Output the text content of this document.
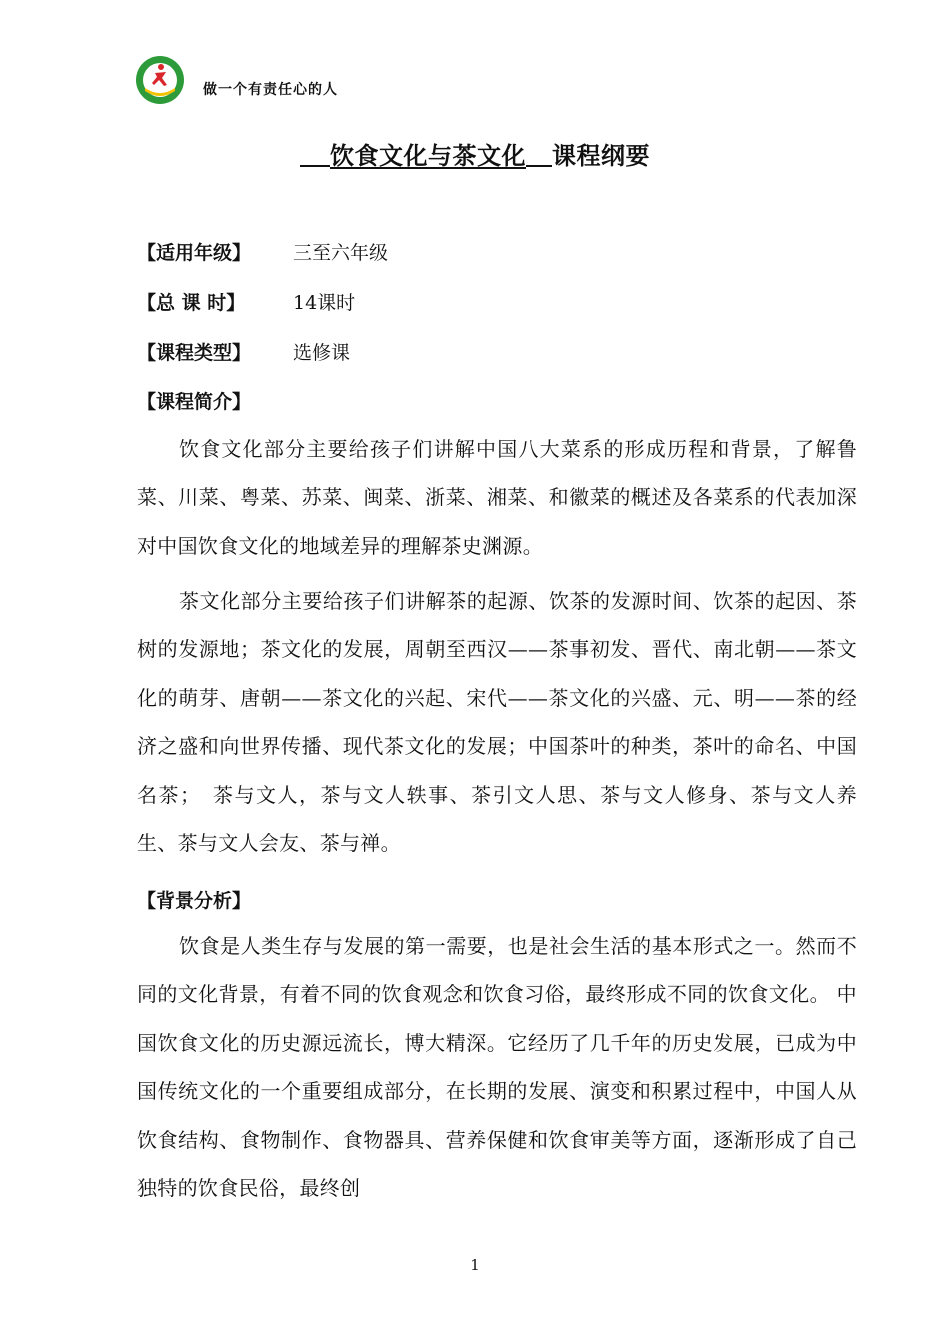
做一个有责任心的人
饮食文化与茶文化 课程纲要
【适用年级】 三至六年级
【总 课 时】	14课时
【课程类型】 选修课
【课程简介】
饮食文化部分主要给孩子们讲解中国八大菜系的形成历程和背景，了解鲁菜、川菜、粤菜、苏菜、闽菜、浙菜、湘菜、和徽菜的概述及各菜系的代表加深对中国饮食文化的地域差异的理解茶史渊源。
茶文化部分主要给孩子们讲解茶的起源、饮茶的发源时间、饮茶的起因、茶树的发源地；茶文化的发展，周朝至西汉——茶事初发、晋代、南北朝——茶文化的萌芽、唐朝——茶文化的兴起、宋代——茶文化的兴盛、元、明——茶的经济之盛和向世界传播、现代茶文化的发展；中国茶叶的种类，茶叶的命名、中国名茶；　茶与文人，茶与文人轶事、茶引文人思、茶与文人修身、茶与文人养生、茶与文人会友、茶与禅。
【背景分析】
饮食是人类生存与发展的第一需要，也是社会生活的基本形式之一。然而不同的文化背景，有着不同的饮食观念和饮食习俗，最终形成不同的饮食文化。 中国饮食文化的历史源远流长，博大精深。它经历了几千年的历史发展，已成为中国传统文化的一个重要组成部分，在长期的发展、演变和积累过程中，中国人从饮食结构、食物制作、食物器具、营养保健和饮食审美等方面，逐渐形成了自己独特的饮食民俗，最终创
1
